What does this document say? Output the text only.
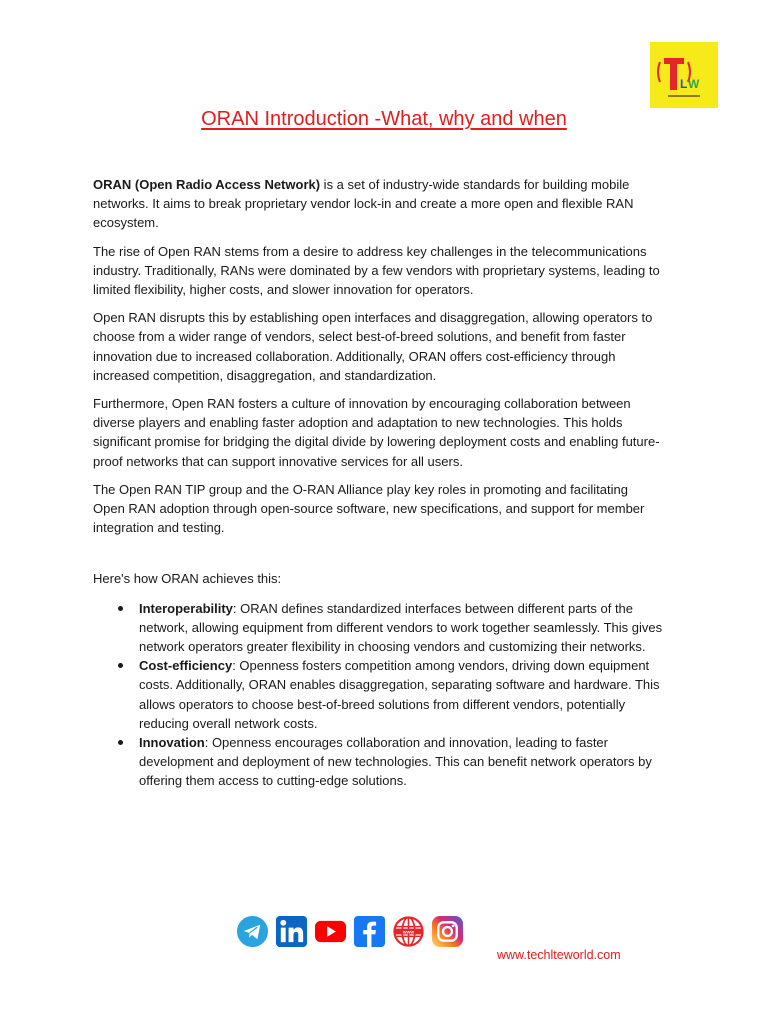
L W
ORAN Introduction -What, why and when

ORAN (Open Radio Access Network) is a set of industry-wide standards for building mobile networks. It aims to break proprietary vendor lock-in and create a more open and flexible RAN ecosystem.

The rise of Open RAN stems from a desire to address key challenges in the telecommunications industry. Traditionally, RANs were dominated by a few vendors with proprietary systems, leading to limited flexibility, higher costs, and slower innovation for operators.

Open RAN disrupts this by establishing open interfaces and disaggregation, allowing operators to choose from a wider range of vendors, select best-of-breed solutions, and benefit from faster innovation due to increased collaboration. Additionally, ORAN offers cost-efficiency through increased competition, disaggregation, and standardization.

Furthermore, Open RAN fosters a culture of innovation by encouraging collaboration between diverse players and enabling faster adoption and adaptation to new technologies. This holds significant promise for bridging the digital divide by lowering deployment costs and enabling future-proof networks that can support innovative services for all users.

The Open RAN TIP group and the O-RAN Alliance play key roles in promoting and facilitating Open RAN adoption through open-source software, new specifications, and support for member integration and testing.

Here's how ORAN achieves this:

Interoperability: ORAN defines standardized interfaces between different parts of the network, allowing equipment from different vendors to work together seamlessly. This gives network operators greater flexibility in choosing vendors and customizing their networks.
Cost-efficiency: Openness fosters competition among vendors, driving down equipment costs. Additionally, ORAN enables disaggregation, separating software and hardware. This allows operators to choose best-of-breed solutions from different vendors, potentially reducing overall network costs.
Innovation: Openness encourages collaboration and innovation, leading to faster development and deployment of new technologies. This can benefit network operators by offering them access to cutting-edge solutions.
www
www.techlteworld.com
